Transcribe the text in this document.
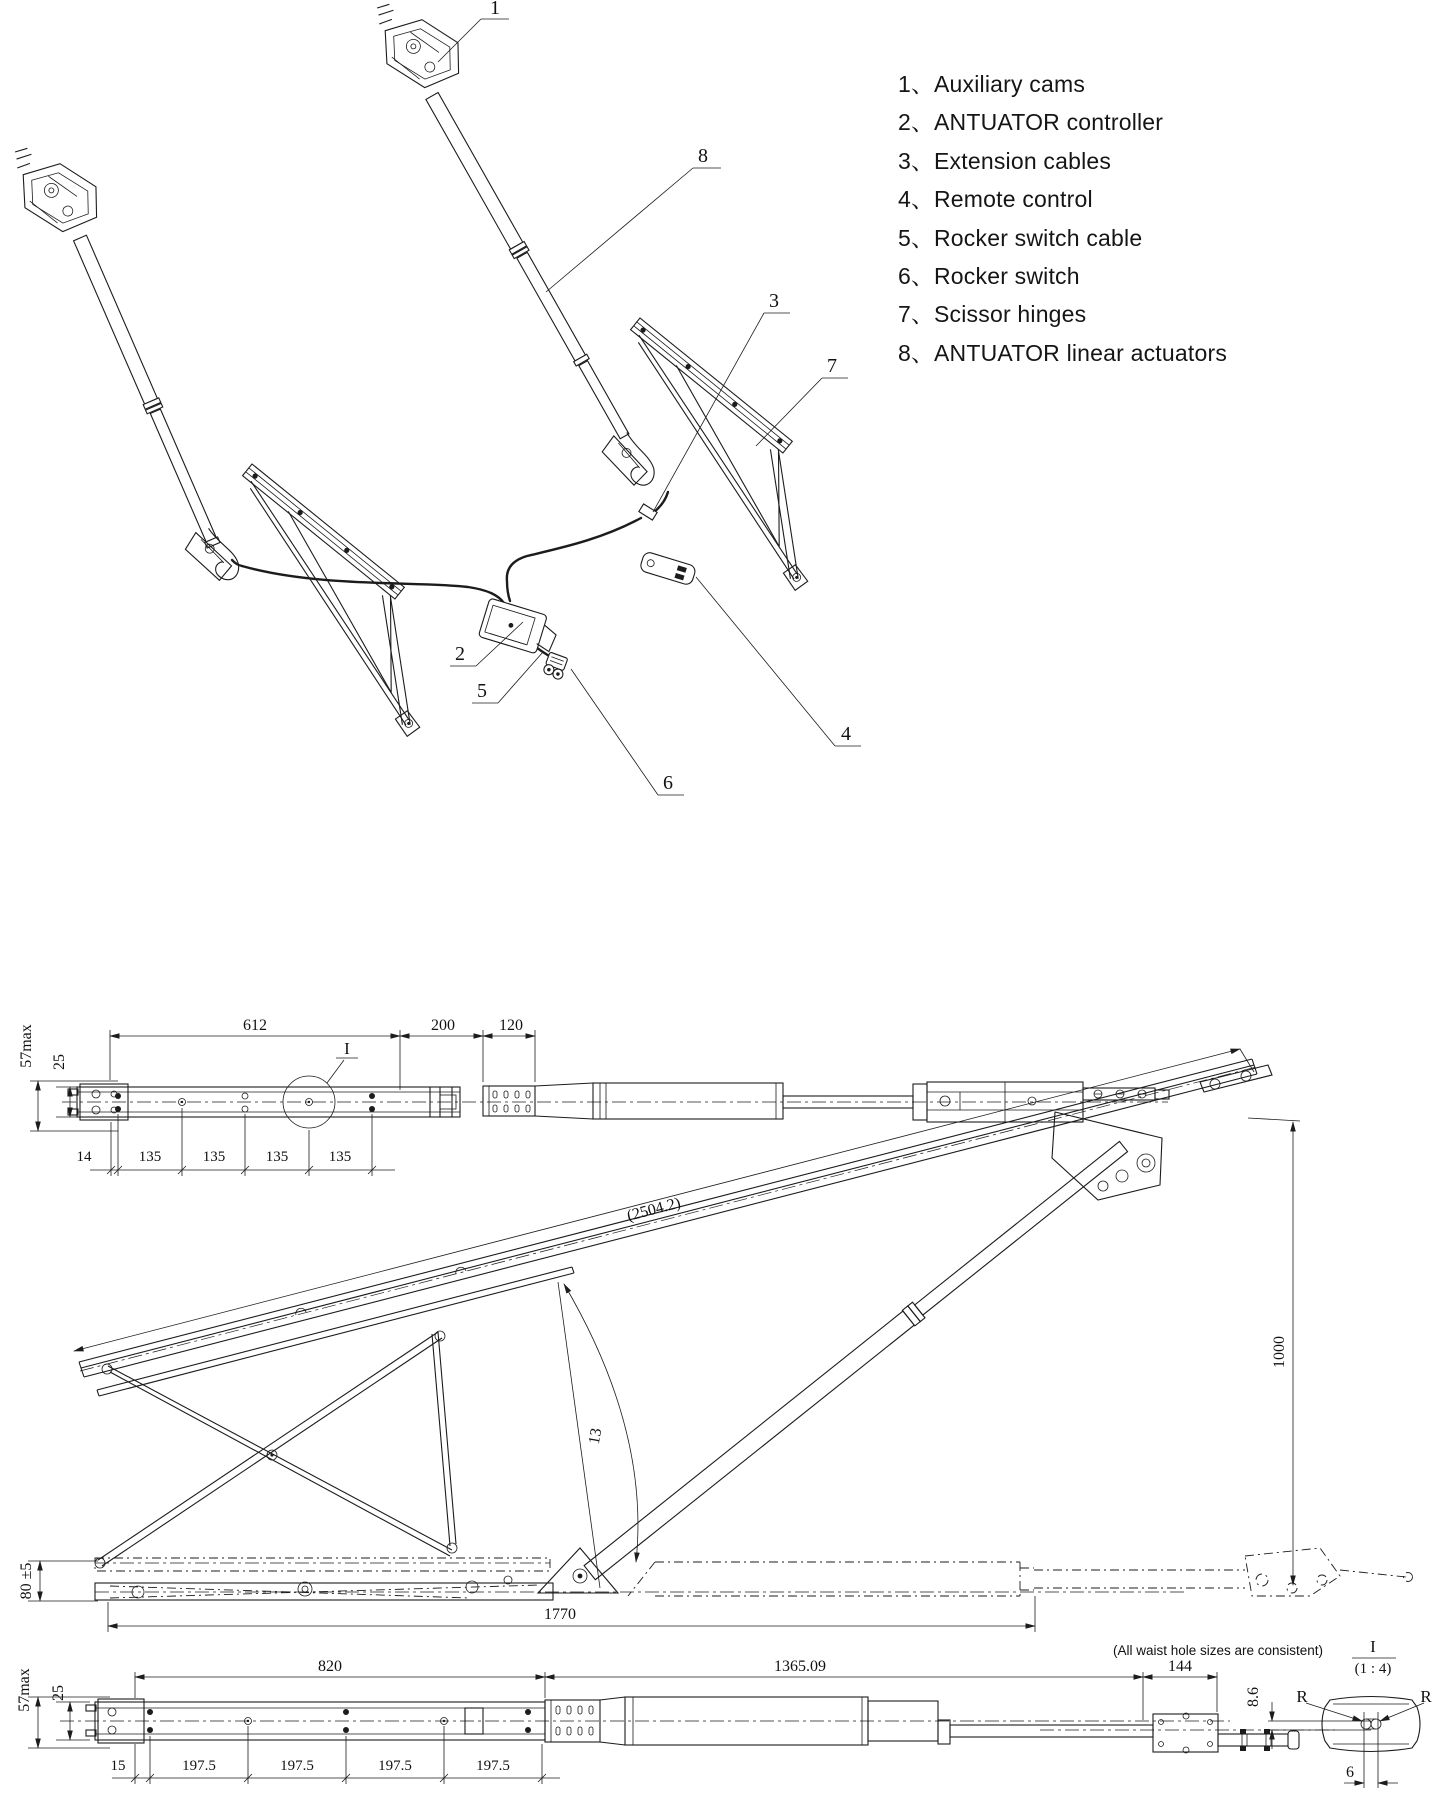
1
8
3
7
2
5
4
6
I
612	200	120
57max 25
14	135	135	135	135
(2504.2)
13
1000
80 ±5
1770
820	1365.09	144
57max 25
15	197.5	197.5	197.5	197.5
8.6 R	R
6
(All waist hole sizes are consistent)	I
(1 : 4)
1、 Auxiliary cams
2、 ANTUATOR controller
3、 Extension cables
4、 Remote control
5、 Rocker switch cable
6、 Rocker switch
7、 Scissor hinges
8、 ANTUATOR linear actuators
